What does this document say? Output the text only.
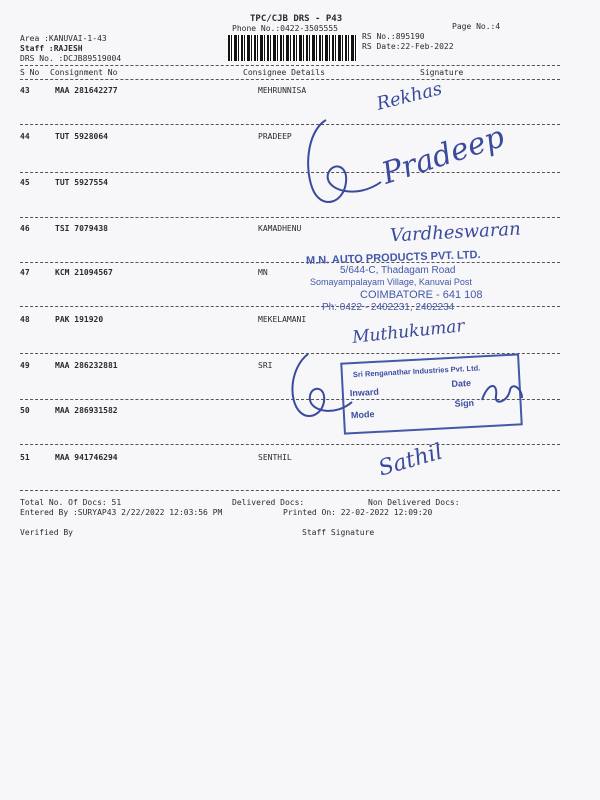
TPC/CJB DRS - P43
Phone No.:0422-3505555	Page No.:4
Area :KANUVAI-1-43
Staff :RAJESH
DRS No. :DCJB89519004
RS No.:895190
RS Date:22-Feb-2022
S No Consignment No	Consignee Details	Signature
43	MAA 281642277	MEHRUNNISA
44	TUT 5928064	PRADEEP
45	TUT 5927554
46	TSI 7079438	KAMADHENU
47	KCM 21094567	MN
48	PAK 191920	MEKELAMANI
49	MAA 286232881	SRI
50	MAA 286931582
51	MAA 941746294	SENTHIL
Total No. Of Docs: 51	Delivered Docs:	Non Delivered Docs:
Entered By :SURYAP43 2/22/2022 12:03:56 PM	Printed On: 22-02-2022 12:09:20
Verified By	Staff Signature
M.N. AUTO PRODUCTS PVT. LTD.
5/644-C, Thadagam Road
Somayampalayam Village, Kanuvai Post
COIMBATORE - 641 108
Ph: 0422 - 2402231, 2402234
Sri Renganathar Industries Pvt. Ltd.
Inward
Date
Mode
Sign
Rekhas
Pradeep
Vardheswaran
Muthukumar
Sathil
